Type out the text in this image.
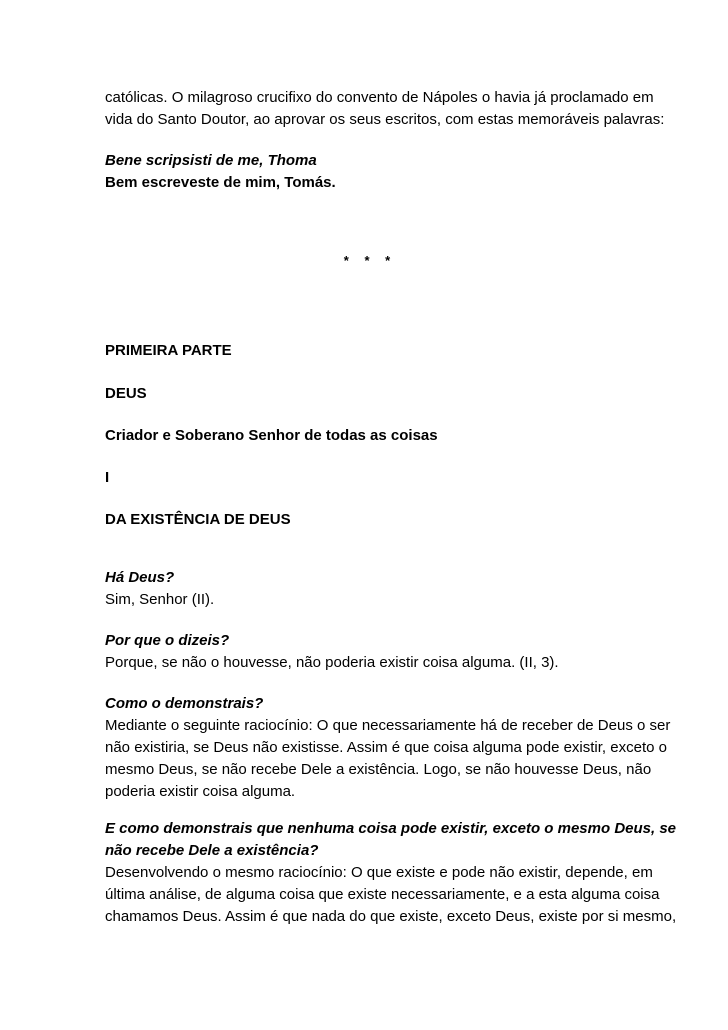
católicas. O milagroso crucifixo do convento de Nápoles o havia já proclamado em

vida do Santo Doutor, ao aprovar os seus escritos, com estas memoráveis palavras:

Bene scripsisti de me, Thoma

Bem escreveste de mim, Tomás.

* * *

PRIMEIRA PARTE

DEUS

Criador e Soberano Senhor de todas as coisas

I

DA EXISTÊNCIA DE DEUS

Há Deus?

Sim, Senhor (II).

Por que o dizeis?

Porque, se não o houvesse, não poderia existir coisa alguma. (II, 3).

Como o demonstrais?

Mediante o seguinte raciocínio: O que necessariamente há de receber de Deus o ser

não existiria, se Deus não existisse. Assim é que coisa alguma pode existir, exceto o

mesmo Deus, se não recebe Dele a existência. Logo, se não houvesse Deus, não

poderia existir coisa alguma.

E como demonstrais que nenhuma coisa pode existir, exceto o mesmo Deus, se

não recebe Dele a existência?

Desenvolvendo o mesmo raciocínio: O que existe e pode não existir, depende, em

última análise, de alguma coisa que existe necessariamente, e a esta alguma coisa

chamamos Deus. Assim é que nada do que existe, exceto Deus, existe por si mesmo,
